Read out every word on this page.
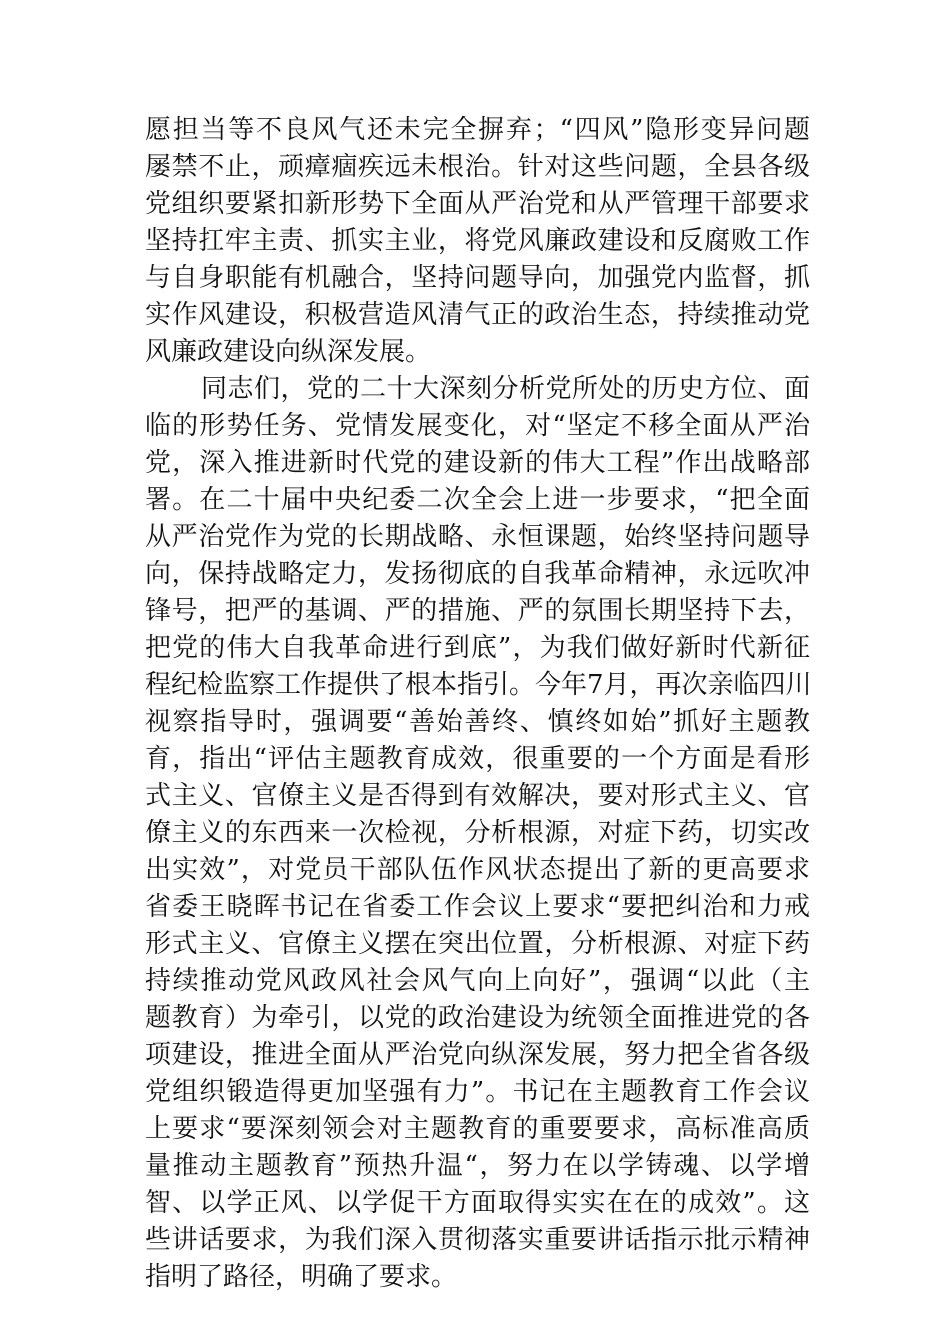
愿担当等不良风气还未完全摒弃；“四风”隐形变异问题
屡禁不止，顽瘴痼疾远未根治。针对这些问题，全县各级
党组织要紧扣新形势下全面从严治党和从严管理干部要求
坚持扛牢主责、抓实主业，将党风廉政建设和反腐败工作
与自身职能有机融合，坚持问题导向，加强党内监督，抓
实作风建设，积极营造风清气正的政治生态，持续推动党
风廉政建设向纵深发展。
同志们，党的二十大深刻分析党所处的历史方位、面
临的形势任务、党情发展变化，对“坚定不移全面从严治
党，深入推进新时代党的建设新的伟大工程”作出战略部
署。在二十届中央纪委二次全会上进一步要求，“把全面
从严治党作为党的长期战略、永恒课题，始终坚持问题导
向，保持战略定力，发扬彻底的自我革命精神，永远吹冲
锋号，把严的基调、严的措施、严的氛围长期坚持下去，
把党的伟大自我革命进行到底”，为我们做好新时代新征
程纪检监察工作提供了根本指引。今年7月，再次亲临四川
视察指导时，强调要“善始善终、慎终如始”抓好主题教
育，指出“评估主题教育成效，很重要的一个方面是看形
式主义、官僚主义是否得到有效解决，要对形式主义、官
僚主义的东西来一次检视，分析根源，对症下药，切实改
出实效”，对党员干部队伍作风状态提出了新的更高要求
省委王晓晖书记在省委工作会议上要求“要把纠治和力戒
形式主义、官僚主义摆在突出位置，分析根源、对症下药
持续推动党风政风社会风气向上向好”，强调“以此（主
题教育）为牵引，以党的政治建设为统领全面推进党的各
项建设，推进全面从严治党向纵深发展，努力把全省各级
党组织锻造得更加坚强有力”。书记在主题教育工作会议
上要求“要深刻领会对主题教育的重要要求，高标准高质
量推动主题教育”预热升温“，努力在以学铸魂、以学增
智、以学正风、以学促干方面取得实实在在的成效”。这
些讲话要求，为我们深入贯彻落实重要讲话指示批示精神
指明了路径，明确了要求。
